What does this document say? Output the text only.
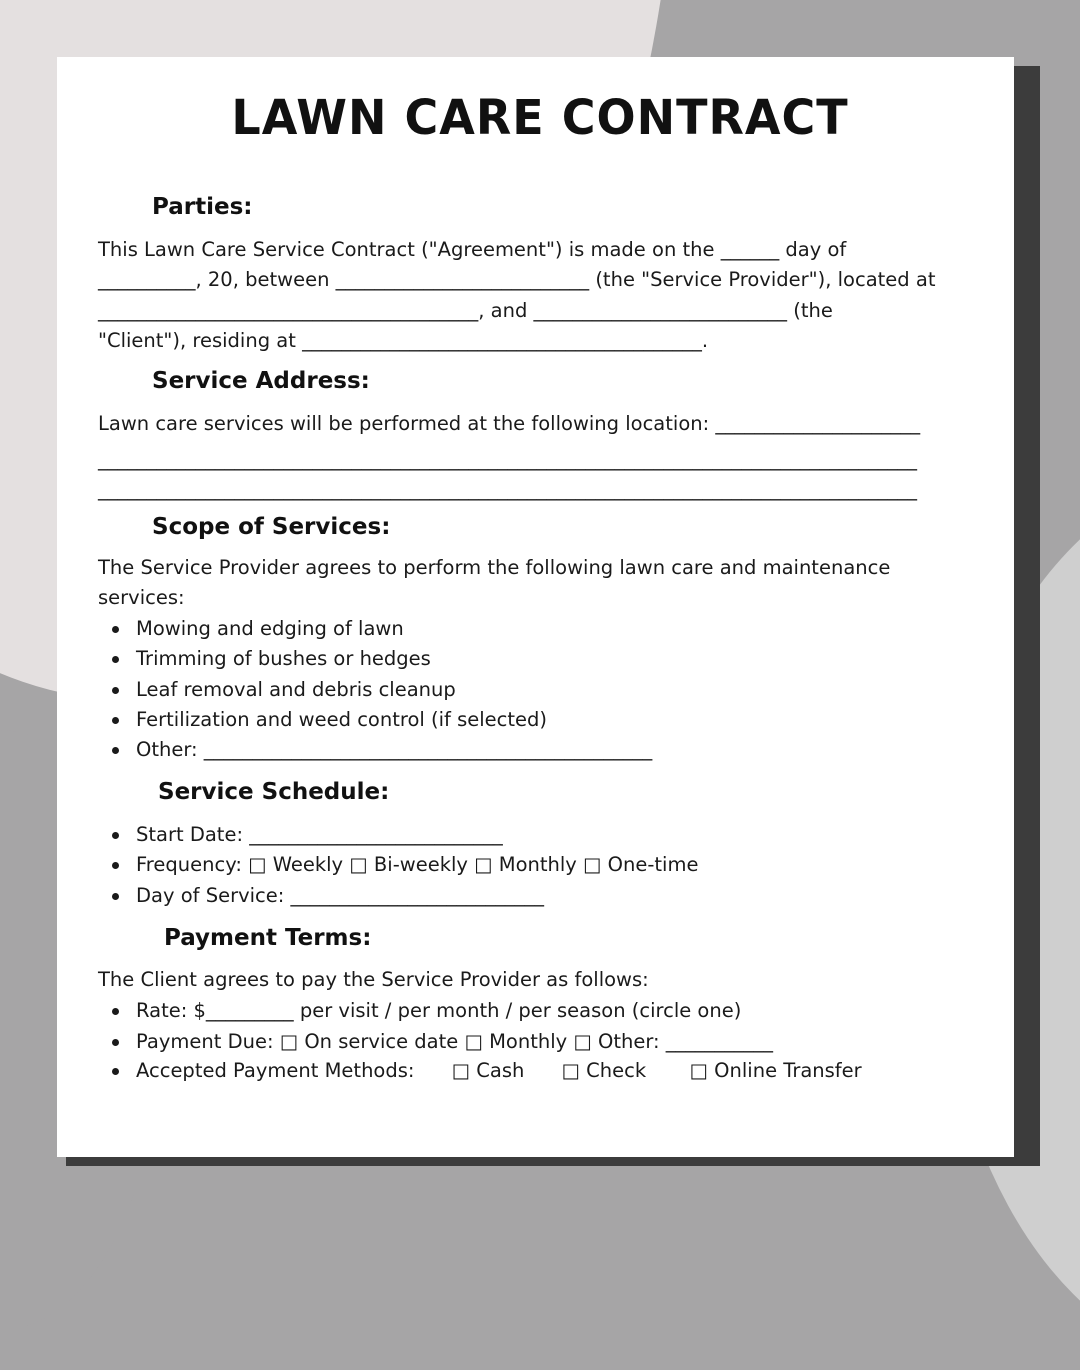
LAWN CARE CONTRACT
Parties:

This Lawn Care Service Contract ("Agreement") is made on the ______ day of

__________, 20, between __________________________ (the "Service Provider"), located at

_______________________________________, and __________________________ (the

"Client"), residing at _________________________________________.

Service Address:

Lawn care services will be performed at the following location: _____________________

____________________________________________________________________________________

____________________________________________________________________________________

Scope of Services:

The Service Provider agrees to perform the following lawn care and maintenance

services:

Mowing and edging of lawn

Trimming of bushes or hedges

Leaf removal and debris cleanup

Fertilization and weed control (if selected)

Other: ______________________________________________

Service Schedule:

Start Date: __________________________

Frequency: □ Weekly □ Bi-weekly □ Monthly □ One-time

Day of Service: __________________________

Payment Terms:

The Client agrees to pay the Service Provider as follows:

Rate: $_________ per visit / per month / per season (circle one)

Payment Due: □ On service date □ Monthly □ Other: ___________

Accepted Payment Methods:      □ Cash      □ Check       □ Online Transfer
